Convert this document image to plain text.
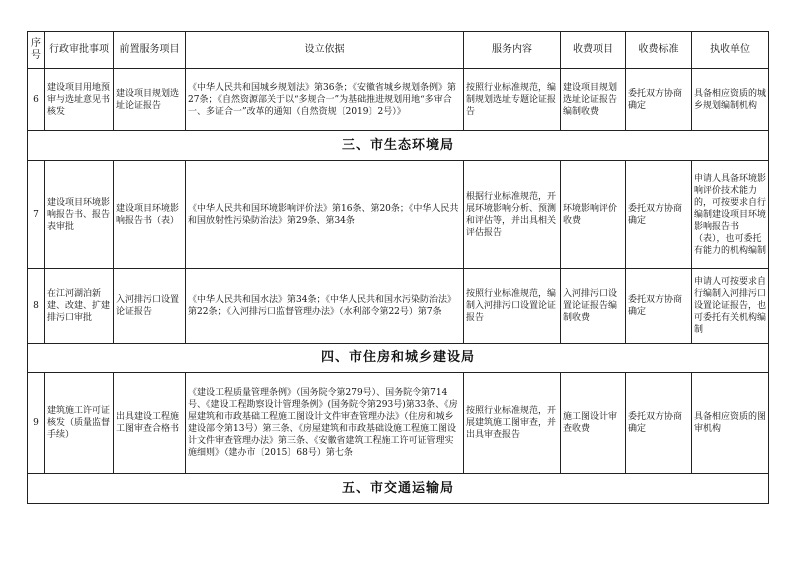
序号	行政审批事项	前置服务项目	设立依据	服务内容	收费项目	收费标准	执收单位
6	建设项目用地预审与选址意见书核发	建设项目规划选址论证报告	《中华人民共和国城乡规划法》第36条；《安徽省城乡规划条例》第27条；《自然资源部关于以“多规合一”为基础推进规划用地“多审合一、多证合一”改革的通知（自然资规〔2019〕2号）》	按照行业标准规范，编制规划选址专题论证报告	建设项目规划选址论证报告编制收费	委托双方协商确定	具备相应资质的城乡规划编制机构
三、市生态环境局							
7	建设项目环境影响报告书、报告表审批	建设项目环境影响报告书（表）	《中华人民共和国环境影响评价法》第16条、第20条；《中华人民共和国放射性污染防治法》第29条、第34条	根据行业标准规范，开展环境影响分析、预测和评估等，并出具相关评估报告	环境影响评价收费	委托双方协商确定	申请人具备环境影响评价技术能力的，可按要求自行编制建设项目环境影响报告书（表），也可委托有能力的机构编制
8	在江河湖泊新建、改建、扩建排污口审批	入河排污口设置论证报告	《中华人民共和国水法》第34条；《中华人民共和国水污染防治法》第22条；《入河排污口监督管理办法》（水利部令第22号）第7条	按照行业标准规范，编制入河排污口设置论证报告	入河排污口设置论证报告编制收费	委托双方协商确定	申请人可按要求自行编制入河排污口设置论证报告，也可委托有关机构编制
四、市住房和城乡建设局							
9	建筑施工许可证核发（质量监督手续）	出具建设工程施工图审查合格书	《建设工程质量管理条例》（国务院令第279号）、国务院令第714号、《建设工程勘察设计管理条例》(国务院令第293号)第33条、《房屋建筑和市政基础工程施工图设计文件审查管理办法》（住房和城乡建设部令第13号）第三条、《房屋建筑和市政基础设施工程施工图设计文件审查管理办法》第三条、《安徽省建筑工程施工许可证管理实施细则》（建办市〔2015〕68号）第七条	按照行业标准规范，开展建筑施工图审查，并出具审查报告	施工图设计审查收费	委托双方协商确定	具备相应资质的图审机构
五、市交通运输局							
